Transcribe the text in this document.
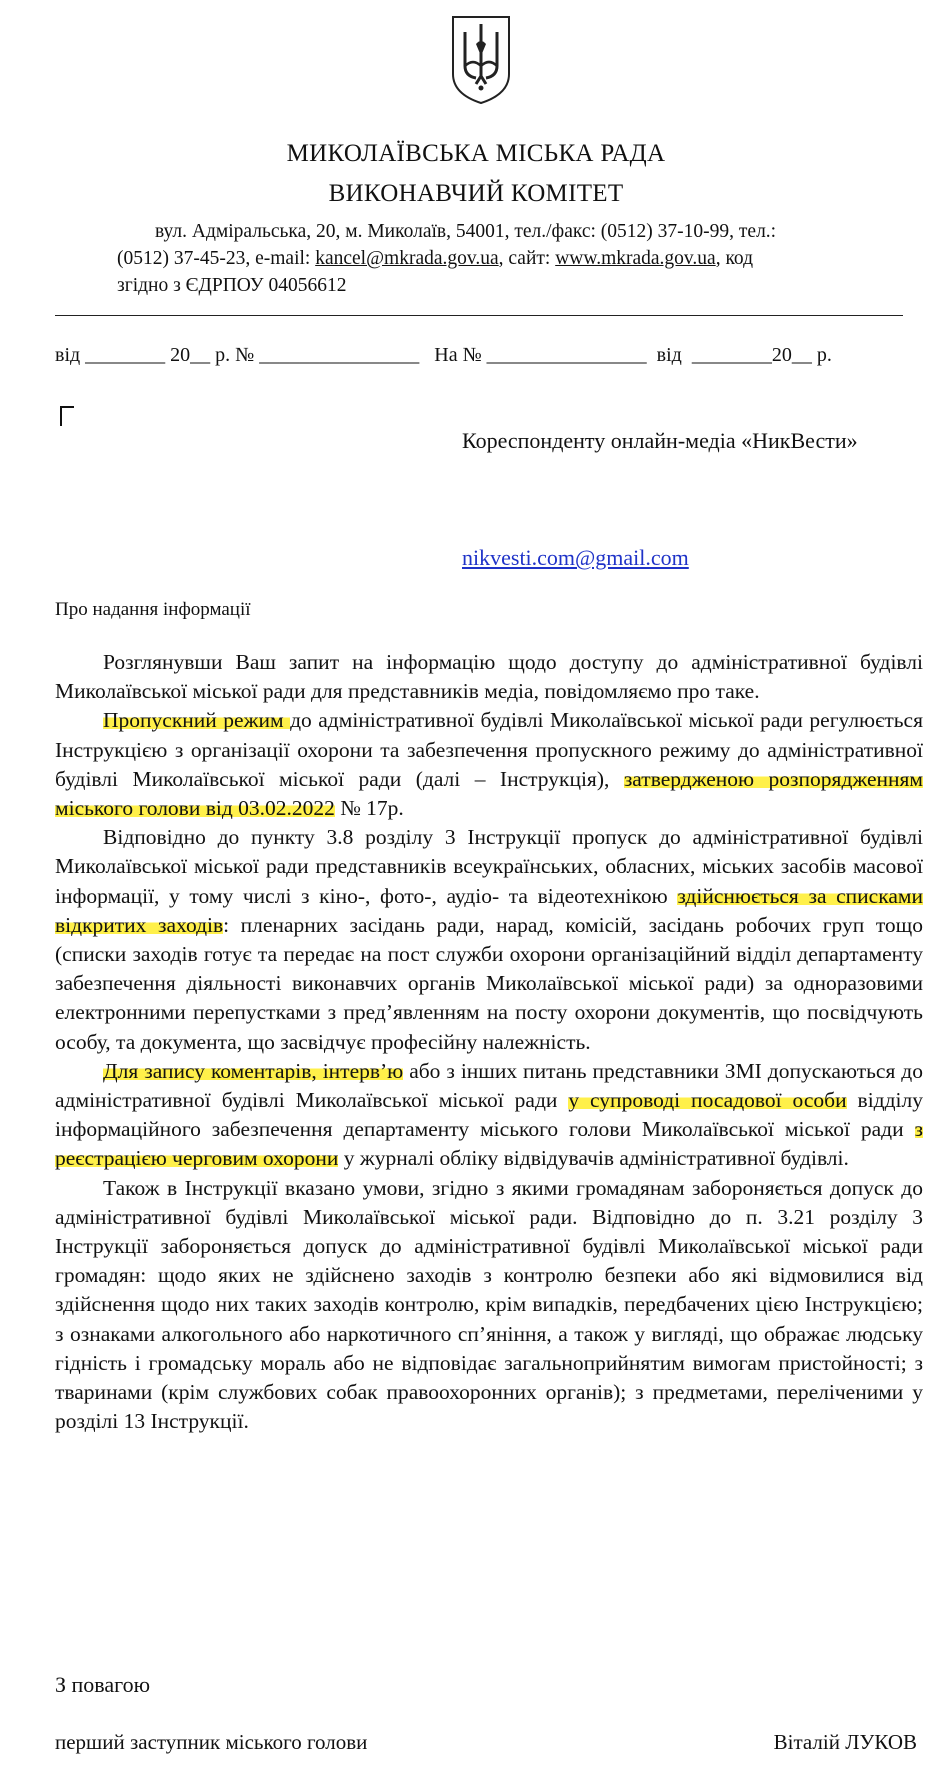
МИКОЛАЇВСЬКА МІСЬКА РАДА
ВИКОНАВЧИЙ КОМІТЕТ
вул. Адміральська, 20, м. Миколаїв, 54001, тел./факс: (0512) 37-10-99, тел.:
(0512) 37-45-23, e-mail: kancel@mkrada.gov.ua, сайт: www.mkrada.gov.ua, код
згідно з ЄДРПОУ 04056612
від ________ 20__ р. № ________________   На № ________________  від  ________20__ р.
Кореспонденту онлайн-медіа «НикВести»
nikvesti.com@gmail.com
Про надання інформації

Розглянувши Ваш запит на інформацію щодо доступу до адміністративної будівлі Миколаївської міської ради для представників медіа, повідомляємо про таке.

Пропускний режим до адміністративної будівлі Миколаївської міської ради регулюється Інструкцією з організації охорони та забезпечення пропускного режиму до адміністративної будівлі Миколаївської міської ради (далі – Інструкція), затвердженою розпорядженням міського голови від 03.02.2022 № 17р.

Відповідно до пункту 3.8 розділу 3 Інструкції пропуск до адміністративної будівлі Миколаївської міської ради представників всеукраїнських, обласних, міських засобів масової інформації, у тому числі з кіно-, фото-, аудіо- та відеотехнікою здійснюється за списками відкритих заходів: пленарних засідань ради, нарад, комісій, засідань робочих груп тощо (списки заходів готує та передає на пост служби охорони організаційний відділ департаменту забезпечення діяльності виконавчих органів Миколаївської міської ради) за одноразовими електронними перепустками з пред’явленням на посту охорони документів, що посвідчують особу, та документа, що засвідчує професійну належність.

Для запису коментарів, інтерв’ю або з інших питань представники ЗМІ допускаються до адміністративної будівлі Миколаївської міської ради у супроводі посадової особи відділу інформаційного забезпечення департаменту міського голови Миколаївської міської ради з реєстрацією черговим охорони у журналі обліку відвідувачів адміністративної будівлі.

Також в Інструкції вказано умови, згідно з якими громадянам забороняється допуск до адміністративної будівлі Миколаївської міської ради. Відповідно до п. 3.21 розділу 3 Інструкції забороняється допуск до адміністративної будівлі Миколаївської міської ради громадян: щодо яких не здійснено заходів з контролю безпеки або які відмовилися від здійснення щодо них таких заходів контролю, крім випадків, передбачених цією Інструкцією; з ознаками алкогольного або наркотичного сп’яніння, а також у вигляді, що ображає людську гідність і громадську мораль або не відповідає загальноприйнятим вимогам пристойності; з тваринами (крім службових собак правоохоронних органів); з предметами, переліченими у розділі 13 Інструкції.

З повагою
перший заступник міського голови	Віталій ЛУКОВ
